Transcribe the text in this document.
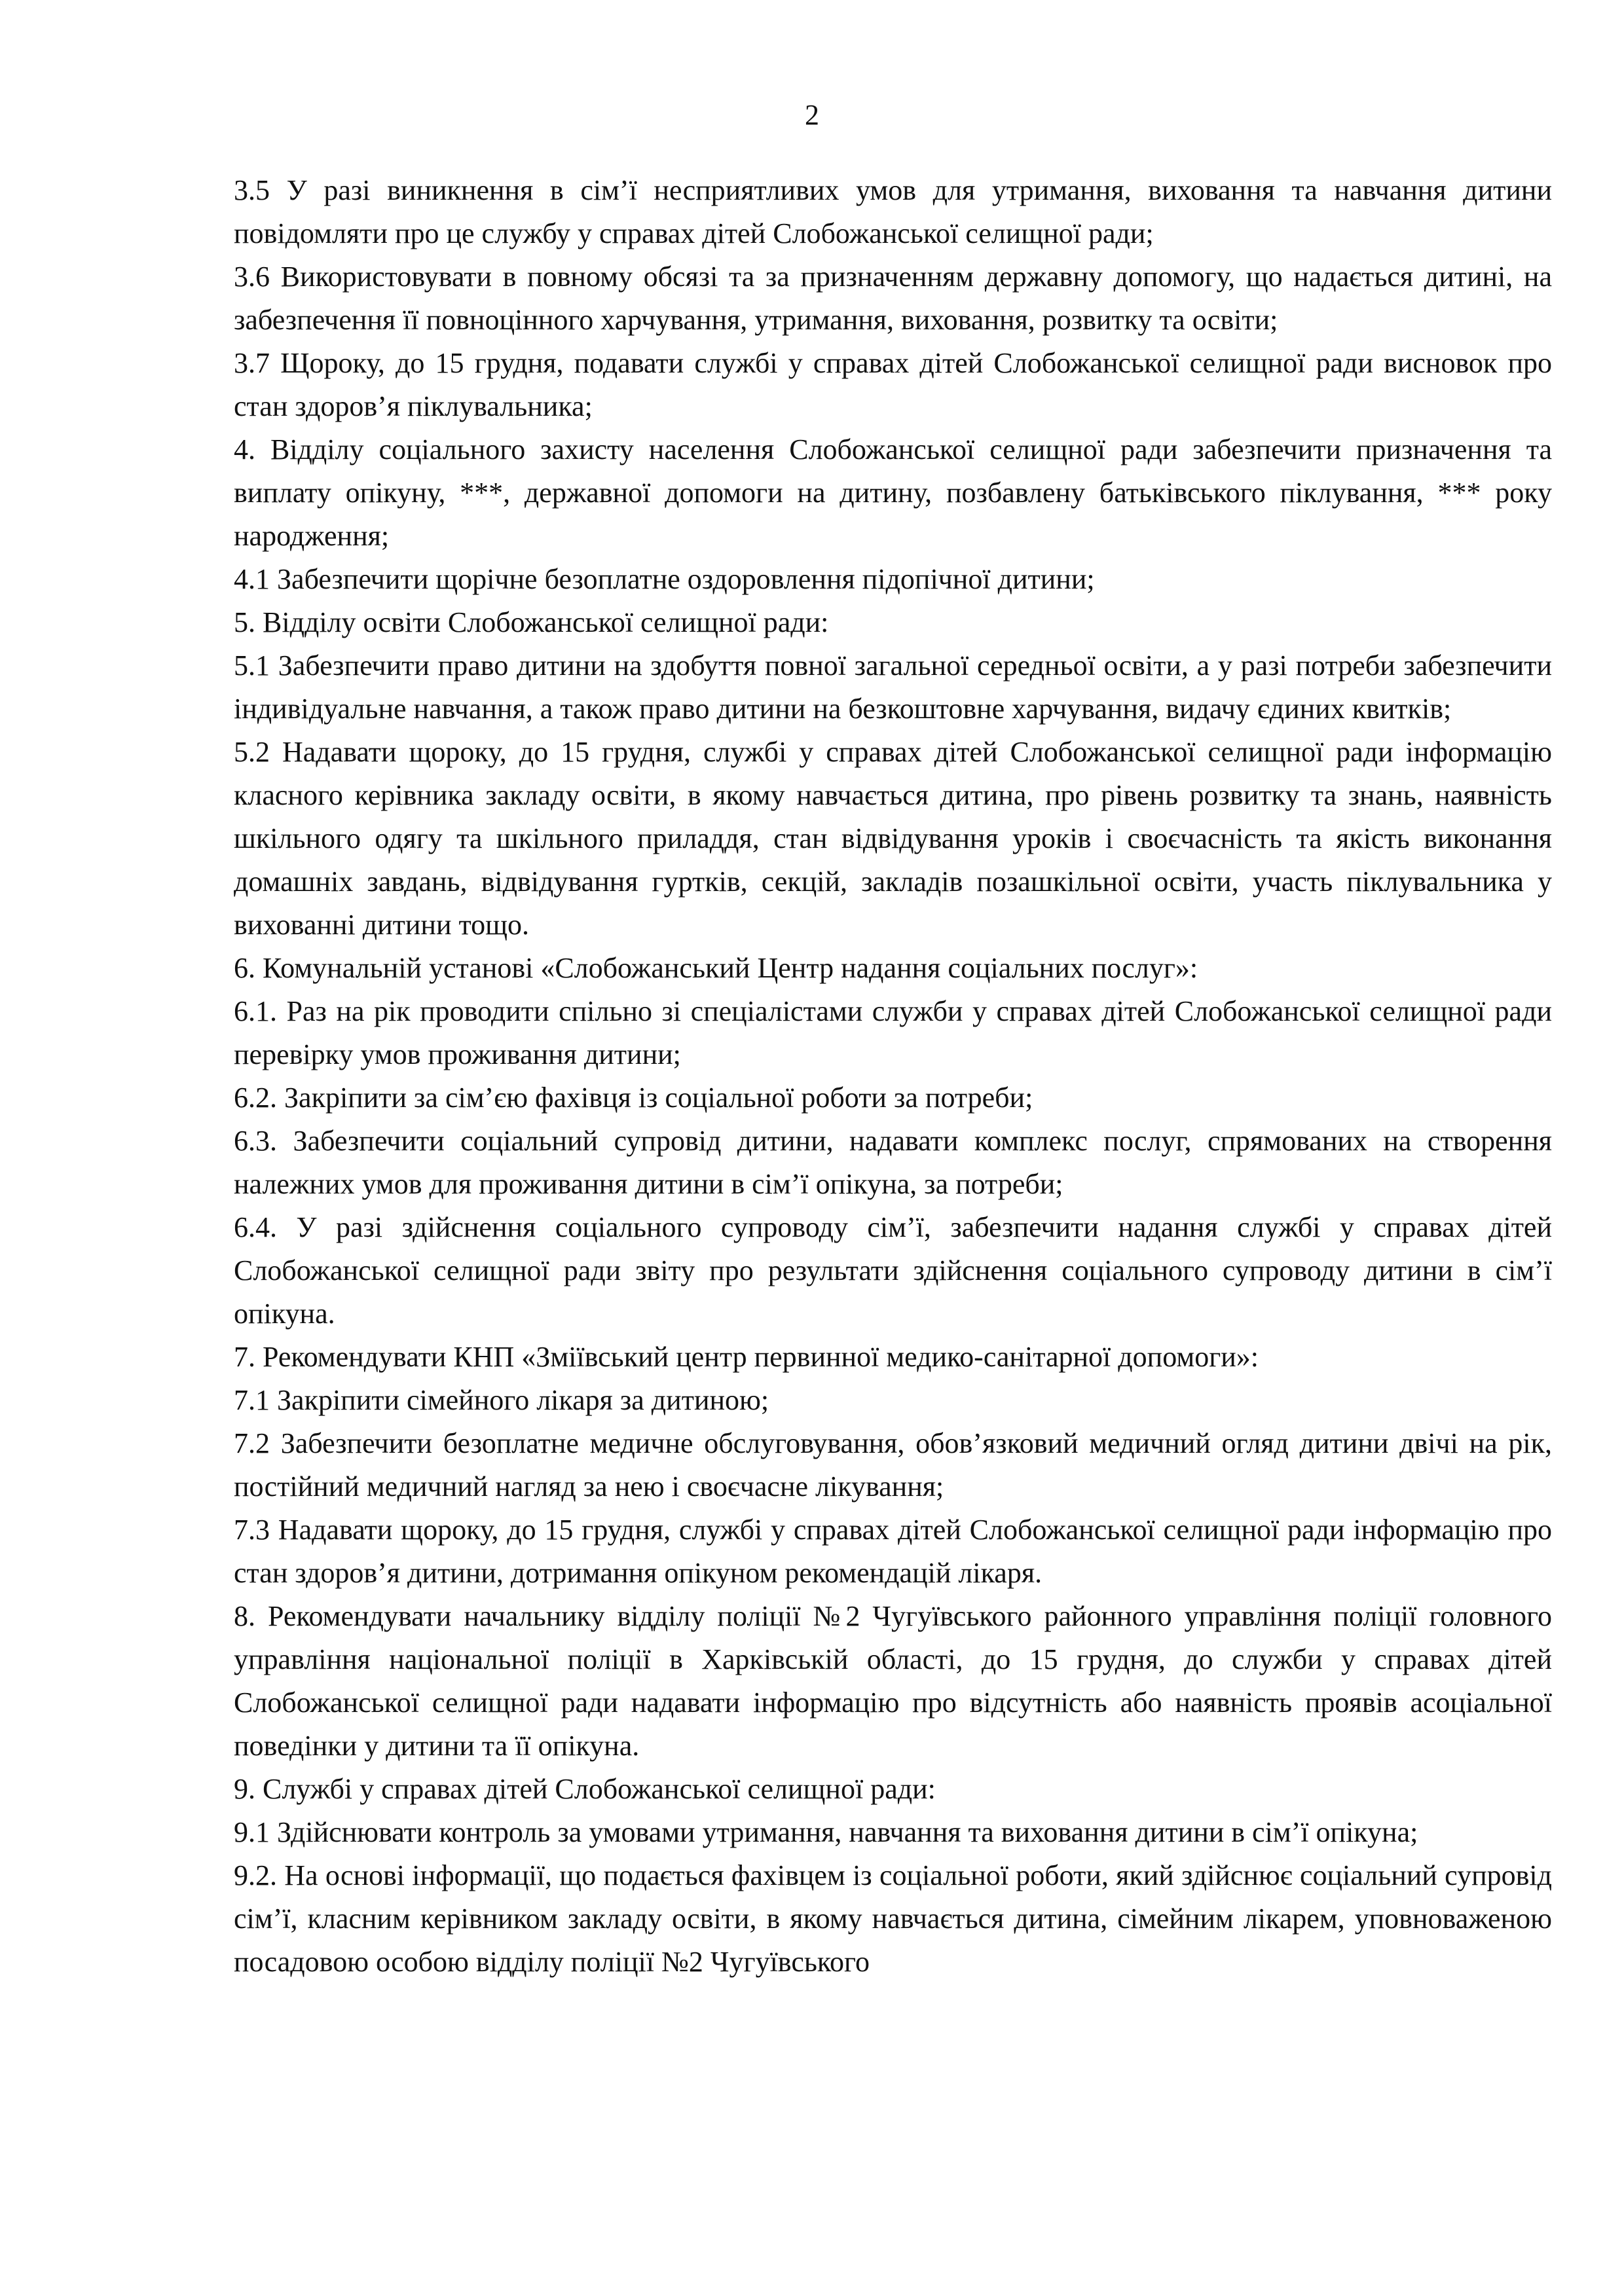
2

3.5 У разі виникнення в сім’ї несприятливих умов для утримання, виховання та навчання дитини повідомляти про це службу у справах дітей Слобожанської селищної ради;

3.6 Використовувати в повному обсязі та за призначенням державну допомогу, що надається дитині, на забезпечення її повноцінного харчування, утримання, виховання, розвитку та освіти;

3.7 Щороку, до 15 грудня, подавати службі у справах дітей Слобожанської селищної ради висновок про стан здоров’я піклувальника;

4. Відділу соціального захисту населення Слобожанської селищної ради забезпечити призначення та виплату опікуну, ***, державної допомоги на дитину, позбавлену батьківського піклування, *** року народження;

4.1 Забезпечити щорічне безоплатне оздоровлення підопічної дитини;

5. Відділу освіти Слобожанської селищної ради:

5.1 Забезпечити право дитини на здобуття повної загальної середньої освіти, а у разі потреби забезпечити індивідуальне навчання, а також право дитини на безкоштовне харчування, видачу єдиних квитків;

5.2 Надавати щороку, до 15 грудня, службі у справах дітей Слобожанської селищної ради інформацію класного керівника закладу освіти, в якому навчається дитина, про рівень розвитку та знань, наявність шкільного одягу та шкільного приладдя, стан відвідування уроків і своєчасність та якість виконання домашніх завдань, відвідування гуртків, секцій, закладів позашкільної освіти, участь піклувальника у вихованні дитини тощо.

6. Комунальній установі «Слобожанський Центр надання соціальних послуг»:

6.1. Раз на рік проводити спільно зі спеціалістами служби у справах дітей Слобожанської селищної ради перевірку умов проживання дитини;

6.2. Закріпити за сім’єю фахівця із соціальної роботи за потреби;

6.3. Забезпечити соціальний супровід дитини, надавати комплекс послуг, спрямованих на створення належних умов для проживання дитини в сім’ї опікуна, за потреби;

6.4. У разі здійснення соціального супроводу сім’ї, забезпечити надання службі у справах дітей Слобожанської селищної ради звіту про результати здійснення соціального супроводу дитини в сім’ї опікуна.

7. Рекомендувати КНП «Зміївський центр первинної медико-санітарної допомоги»:

7.1 Закріпити сімейного лікаря за дитиною;

7.2 Забезпечити безоплатне медичне обслуговування, обов’язковий медичний огляд дитини двічі на рік, постійний медичний нагляд за нею і своєчасне лікування;

7.3 Надавати щороку, до 15 грудня, службі у справах дітей Слобожанської селищної ради інформацію про стан здоров’я дитини, дотримання опікуном рекомендацій лікаря.

8. Рекомендувати начальнику відділу поліції №2 Чугуївського районного управління поліції головного управління національної поліції в Харківській області, до 15 грудня, до служби у справах дітей Слобожанської селищної ради надавати інформацію про відсутність або наявність проявів асоціальної поведінки у дитини та її опікуна.

9. Службі у справах дітей Слобожанської селищної ради:

9.1 Здійснювати контроль за умовами утримання, навчання та виховання дитини в сім’ї опікуна;

9.2. На основі інформації, що подається фахівцем із соціальної роботи, який здійснює соціальний супровід сім’ї, класним керівником закладу освіти, в якому навчається дитина, сімейним лікарем, уповноваженою посадовою особою відділу поліції №2 Чугуївського
